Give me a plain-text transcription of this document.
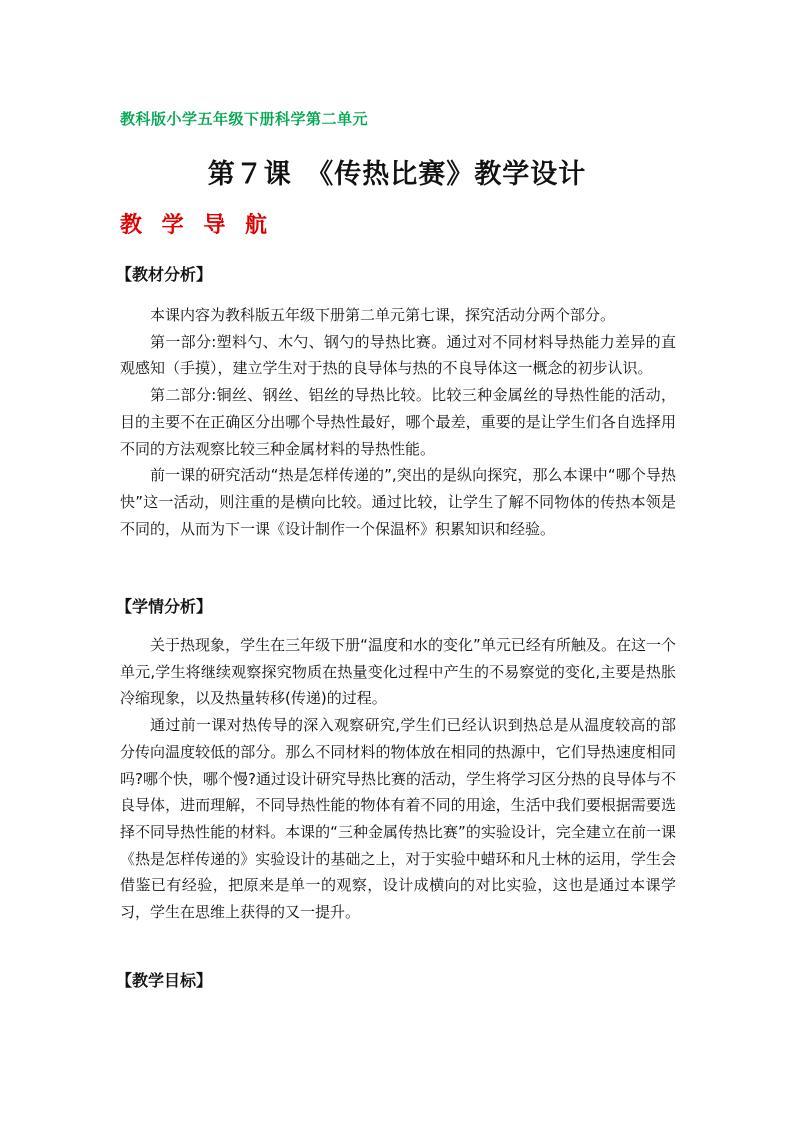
教科版小学五年级下册科学第二单元
第７课　《传热比赛》教学设计
教 学 导 航
【教材分析】

本课内容为教科版五年级下册第二单元第七课，探究活动分两个部分。

第一部分:塑料勺、木勺、钢勺的导热比赛。通过对不同材料导热能力差异的直观感知（手摸），建立学生对于热的良导体与热的不良导体这一概念的初步认识。

第二部分:铜丝、钢丝、铝丝的导热比较。比较三种金属丝的导热性能的活动，目的主要不在正确区分出哪个导热性最好，哪个最差，重要的是让学生们各自选择用不同的方法观察比较三种金属材料的导热性能。

前一课的研究活动“热是怎样传递的”,突出的是纵向探究，那么本课中“哪个导热快”这一活动，则注重的是横向比较。通过比较，让学生了解不同物体的传热本领是不同的，从而为下一课《设计制作一个保温杯》积累知识和经验。

【学情分析】

关于热现象，学生在三年级下册“温度和水的变化”单元已经有所触及。在这一个单元,学生将继续观察探究物质在热量变化过程中产生的不易察觉的变化,主要是热胀冷缩现象，以及热量转移(传递)的过程。

通过前一课对热传导的深入观察研究,学生们已经认识到热总是从温度较高的部分传向温度较低的部分。那么不同材料的物体放在相同的热源中，它们导热速度相同吗?哪个快，哪个慢?通过设计研究导热比赛的活动，学生将学习区分热的良导体与不良导体，进而理解，不同导热性能的物体有着不同的用途，生活中我们要根据需要选择不同导热性能的材料。本课的“三种金属传热比赛”的实验设计，完全建立在前一课《热是怎样传递的》实验设计的基础之上，对于实验中蜡环和凡士林的运用，学生会借鉴已有经验，把原来是单一的观察，设计成横向的对比实验，这也是通过本课学习，学生在思维上获得的又一提升。

【教学目标】
